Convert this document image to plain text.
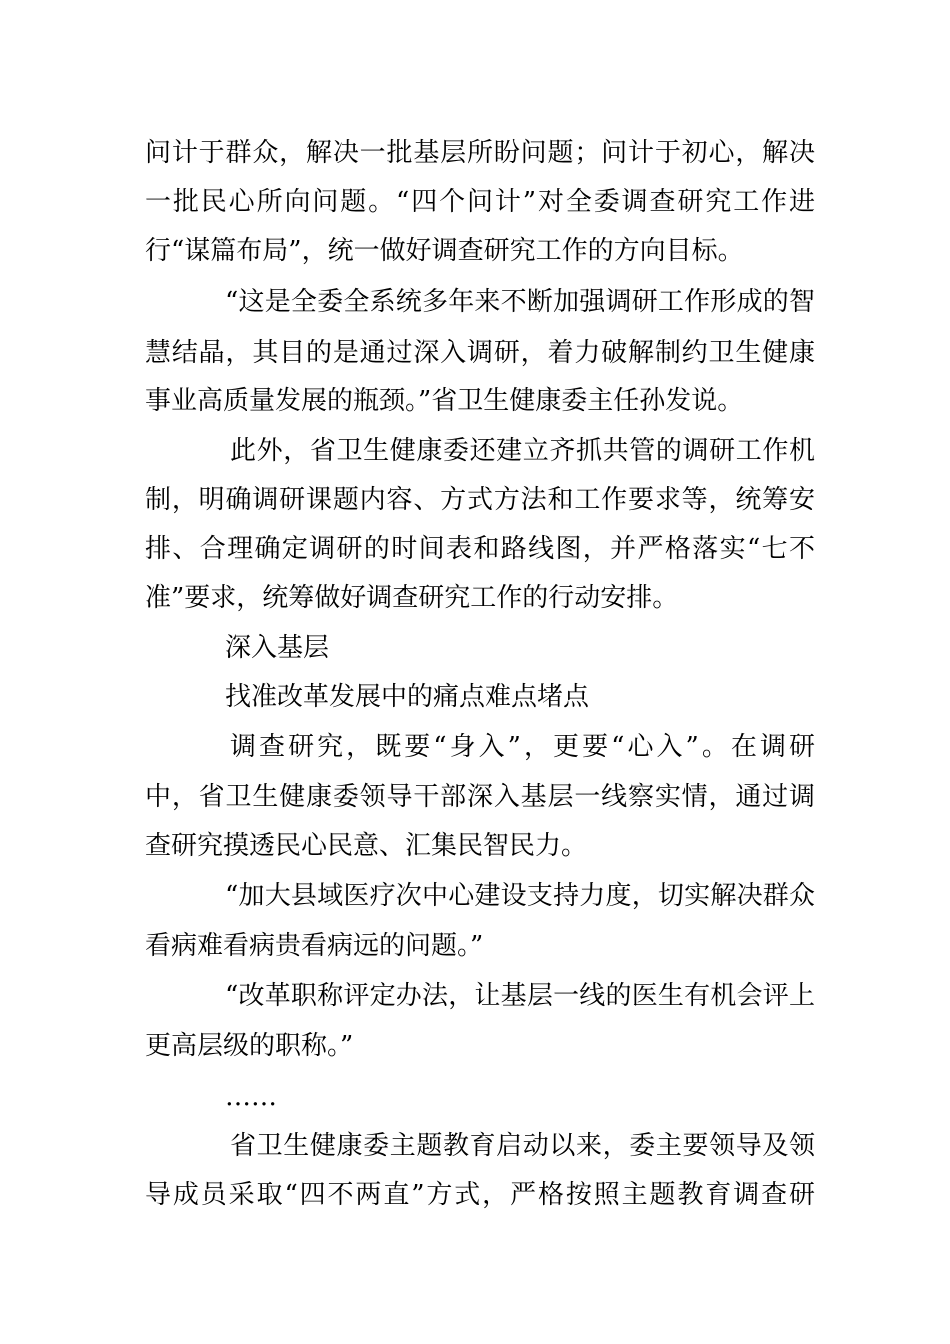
问计于群众，解决一批基层所盼问题；问计于初心，解决
一批民心所向问题。“四个问计”对全委调查研究工作进
行“谋篇布局”，统一做好调查研究工作的方向目标。
“这是全委全系统多年来不断加强调研工作形成的智
慧结晶，其目的是通过深入调研，着力破解制约卫生健康
事业高质量发展的瓶颈。”省卫生健康委主任孙发说。
此外，省卫生健康委还建立齐抓共管的调研工作机
制，明确调研课题内容、方式方法和工作要求等，统筹安
排、合理确定调研的时间表和路线图，并严格落实“七不
准”要求，统筹做好调查研究工作的行动安排。
深入基层
找准改革发展中的痛点难点堵点
调查研究，既要“身入”，更要“心入”。在调研
中，省卫生健康委领导干部深入基层一线察实情，通过调
查研究摸透民心民意、汇集民智民力。
“加大县域医疗次中心建设支持力度，切实解决群众
看病难看病贵看病远的问题。”
“改革职称评定办法，让基层一线的医生有机会评上
更高层级的职称。”
……
省卫生健康委主题教育启动以来，委主要领导及领
导成员采取“四不两直”方式，严格按照主题教育调查研
